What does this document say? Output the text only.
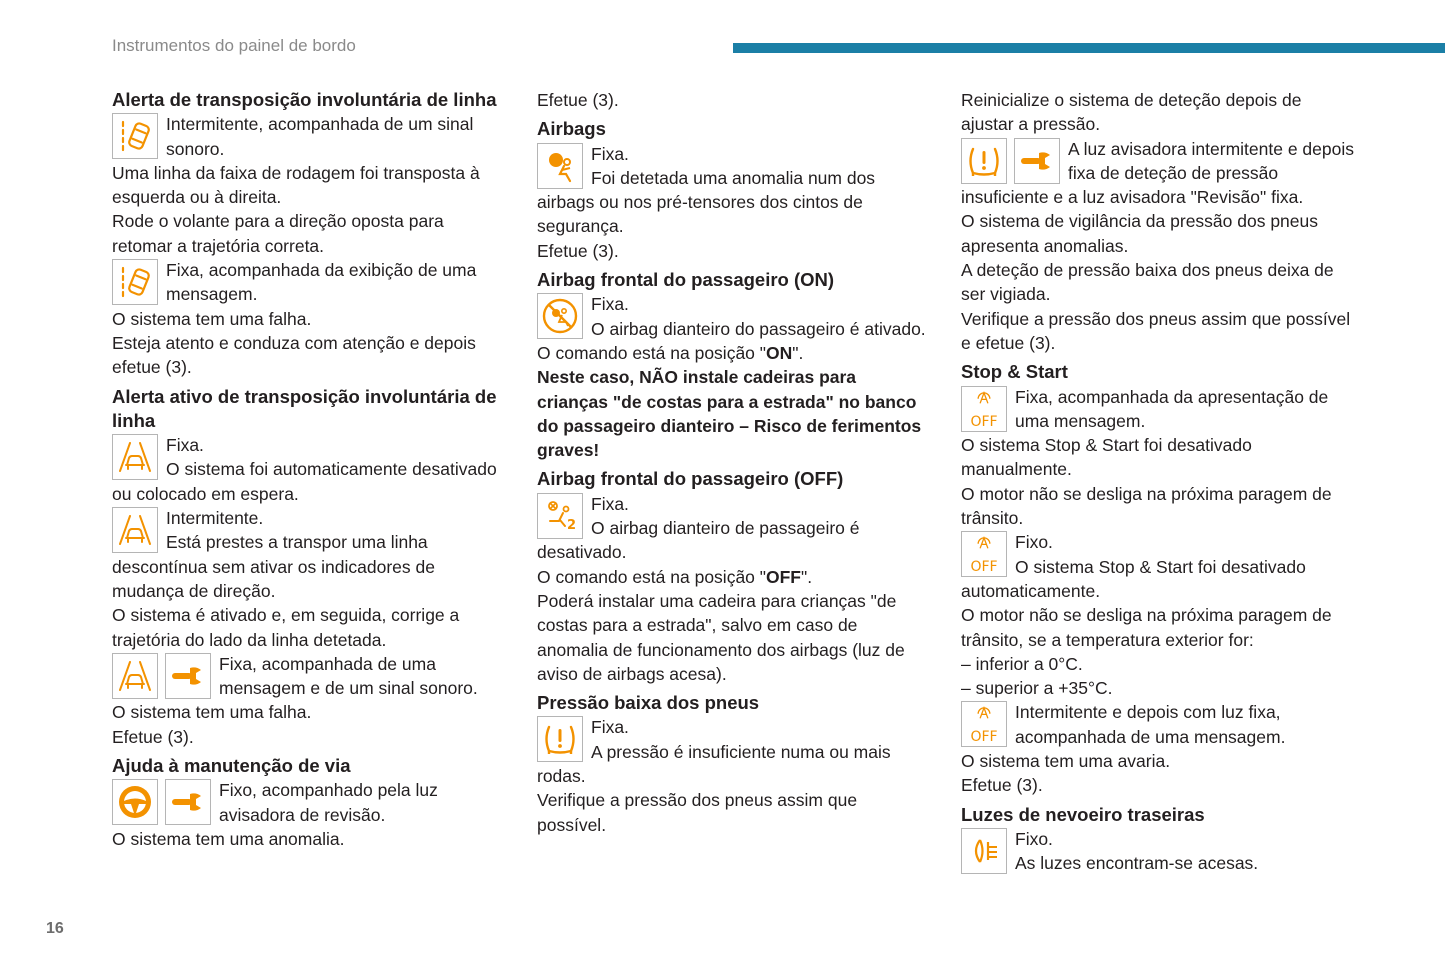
Instrumentos do painel de bordo
Alerta de transposição involuntária de linha

Intermitente, acompanhada de um sinal sonoro.

Uma linha da faixa de rodagem foi transposta à esquerda ou à direita.

Rode o volante para a direção oposta para retomar a trajetória correta.

Fixa, acompanhada da exibição de uma mensagem.

O sistema tem uma falha.

Esteja atento e conduza com atenção e depois efetue (3).

Alerta ativo de transposição involuntária de linha

Fixa.

O sistema foi automaticamente desativado ou colocado em espera.

Intermitente.

Está prestes a transpor uma linha descontínua sem ativar os indicadores de mudança de direção.

O sistema é ativado e, em seguida, corrige a trajetória do lado da linha detetada.

Fixa, acompanhada de uma mensagem e de um sinal sonoro.

O sistema tem uma falha.

Efetue (3).

Ajuda à manutenção de via

Fixo, acompanhado pela luz avisadora de revisão.

O sistema tem uma anomalia.

Efetue (3).

Airbags

Fixa.

Foi detetada uma anomalia num dos airbags ou nos pré-tensores dos cintos de segurança.

Efetue (3).

Airbag frontal do passageiro (ON)

Fixa.

O airbag dianteiro do passageiro é ativado.

O comando está na posição "ON".

Neste caso, NÃO instale cadeiras para crianças "de costas para a estrada" no banco do passageiro dianteiro – Risco de ferimentos graves!

Airbag frontal do passageiro (OFF)

Fixa.

O airbag dianteiro de passageiro é desativado.

O comando está na posição "OFF".

Poderá instalar uma cadeira para crianças "de costas para a estrada", salvo em caso de anomalia de funcionamento dos airbags (luz de aviso de airbags acesa).

Pressão baixa dos pneus

Fixa.

A pressão é insuficiente numa ou mais rodas.

Verifique a pressão dos pneus assim que possível.

Reinicialize o sistema de deteção depois de ajustar a pressão.

A luz avisadora intermitente e depois fixa de deteção de pressão insuficiente e a luz avisadora "Revisão" fixa.

O sistema de vigilância da pressão dos pneus apresenta anomalias.

A deteção de pressão baixa dos pneus deixa de ser vigiada.

Verifique a pressão dos pneus assim que possível e efetue (3).

Stop & Start
OFF

Fixa, acompanhada da apresentação de uma mensagem.

O sistema Stop & Start foi desativado manualmente.

O motor não se desliga na próxima paragem de trânsito.

OFF

Fixo.

O sistema Stop & Start foi desativado automaticamente.

O motor não se desliga na próxima paragem de trânsito, se a temperatura exterior for:

– inferior a 0°C.

– superior a +35°C.

OFF

Intermitente e depois com luz fixa, acompanhada de uma mensagem.

O sistema tem uma avaria.

Efetue (3).

Luzes de nevoeiro traseiras

Fixo.

As luzes encontram-se acesas.

16
